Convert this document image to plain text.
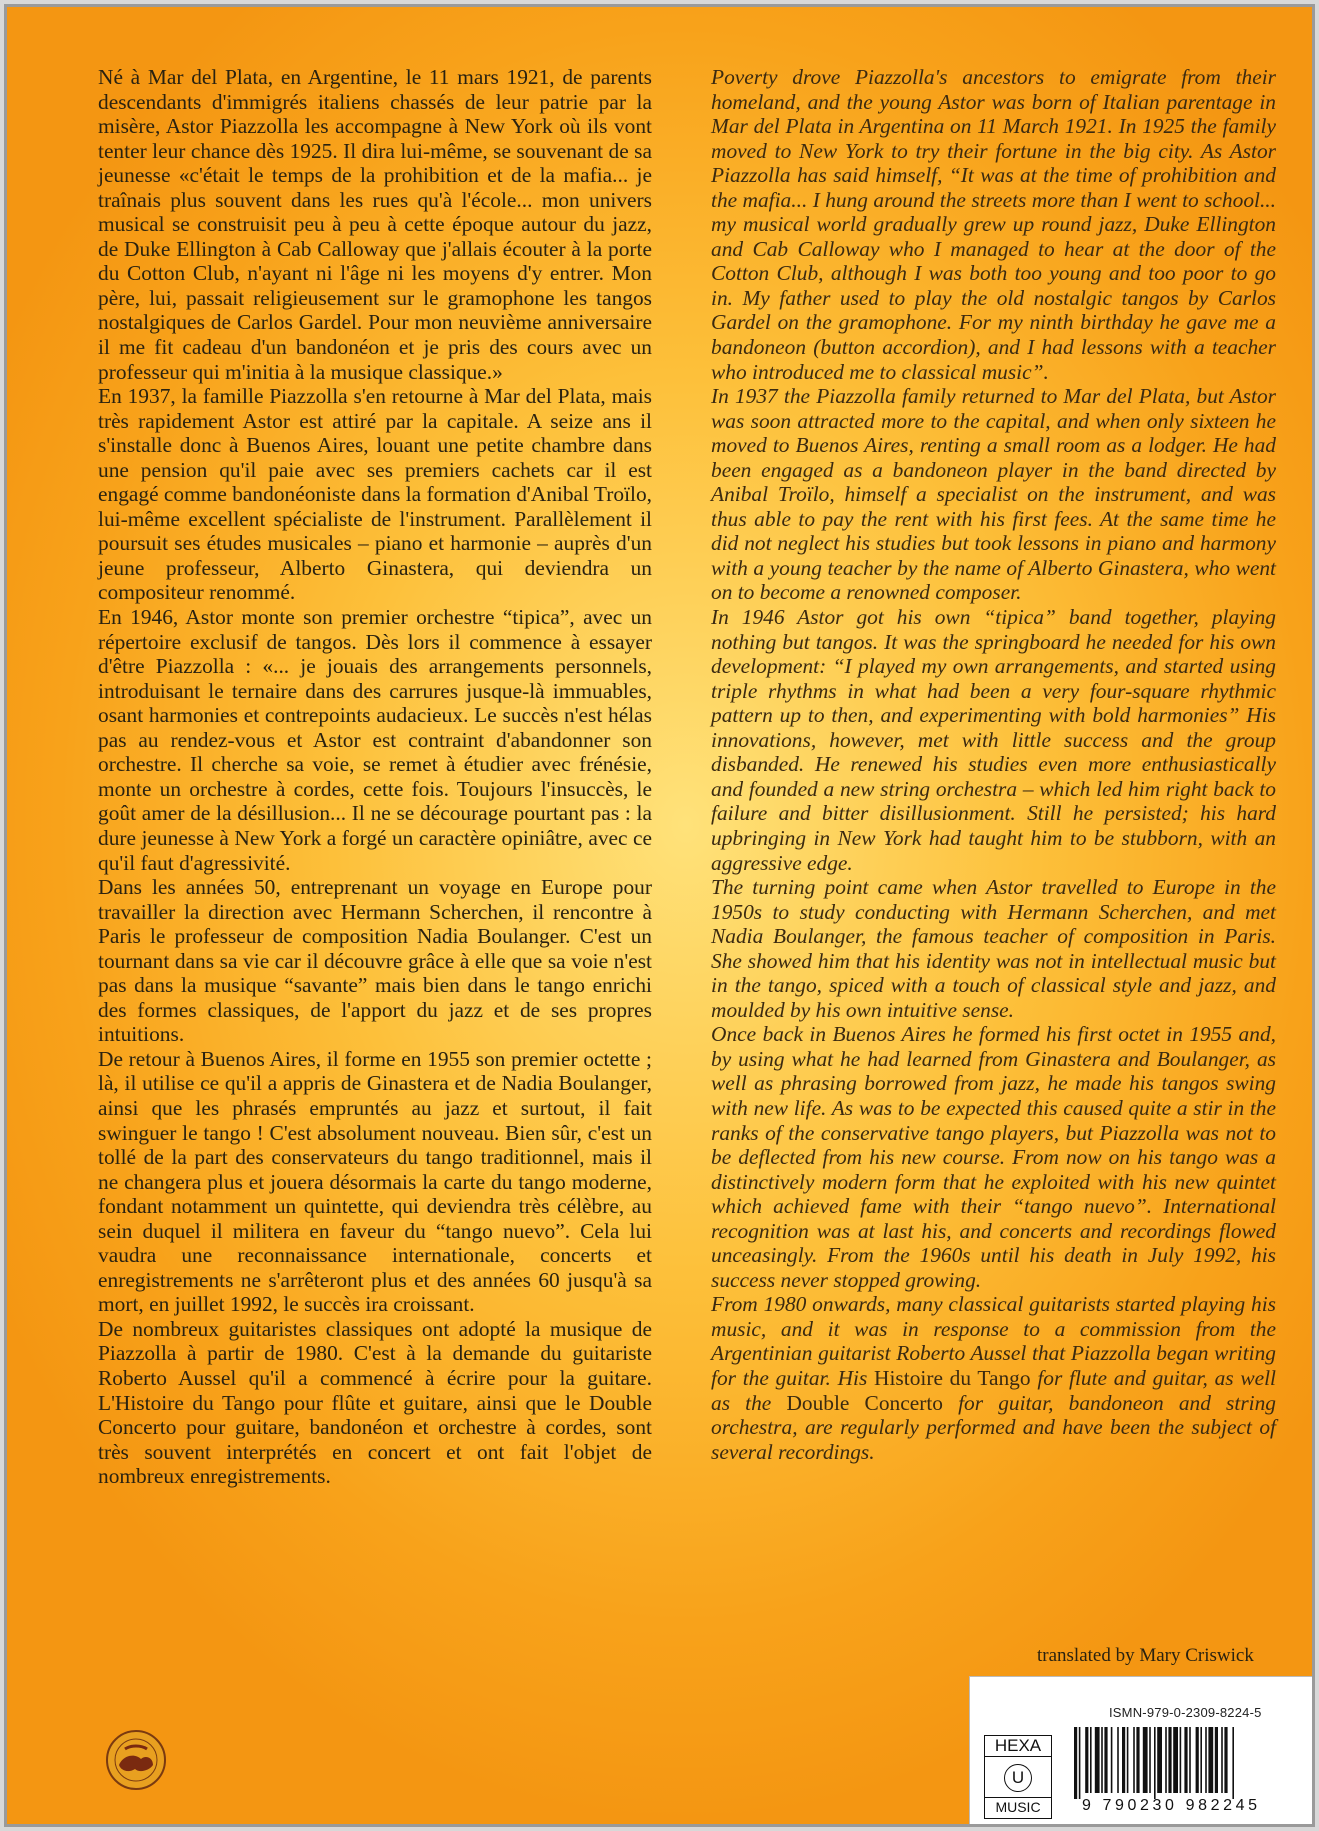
Né à Mar del Plata, en Argentine, le 11 mars 1921, de parents descendants d'immigrés italiens chassés de leur patrie par la misère, Astor Piazzolla les accompagne à New York où ils vont tenter leur chance dès 1925. Il dira lui-même, se souvenant de sa jeunesse «c'était le temps de la prohibition et de la mafia... je traînais plus souvent dans les rues qu'à l'école... mon univers musical se construisit peu à peu à cette époque autour du jazz, de Duke Ellington à Cab Calloway que j'allais écouter à la porte du Cotton Club, n'ayant ni l'âge ni les moyens d'y entrer. Mon père, lui, passait religieusement sur le gramophone les tangos nostalgiques de Carlos Gardel. Pour mon neuvième anniversaire il me fit cadeau d'un bandonéon et je pris des cours avec un professeur qui m'initia à la musique classique.»

En 1937, la famille Piazzolla s'en retourne à Mar del Plata, mais très rapidement Astor est attiré par la capitale. A seize ans il s'installe donc à Buenos Aires, louant une petite chambre dans une pension qu'il paie avec ses premiers cachets car il est engagé comme bandonéoniste dans la formation d'Anibal Troïlo, lui-même excellent spécialiste de l'instrument. Parallèlement il poursuit ses études musicales – piano et harmonie – auprès d'un jeune professeur, Alberto Ginastera, qui deviendra un compositeur renommé.

En 1946, Astor monte son premier orchestre “tipica”, avec un répertoire exclusif de tangos. Dès lors il commence à essayer d'être Piazzolla : «... je jouais des arrangements personnels, introduisant le ternaire dans des carrures jusque-là immuables, osant harmonies et contrepoints audacieux. Le succès n'est hélas pas au rendez-vous et Astor est contraint d'abandonner son orchestre. Il cherche sa voie, se remet à étudier avec frénésie, monte un orchestre à cordes, cette fois. Toujours l'insuccès, le goût amer de la désillusion... Il ne se décourage pourtant pas : la dure jeunesse à New York a forgé un caractère opiniâtre, avec ce qu'il faut d'agressivité.

Dans les années 50, entreprenant un voyage en Europe pour travailler la direction avec Hermann Scherchen, il rencontre à Paris le professeur de composition Nadia Boulanger. C'est un tournant dans sa vie car il découvre grâce à elle que sa voie n'est pas dans la musique “savante” mais bien dans le tango enrichi des formes classiques, de l'apport du jazz et de ses propres intuitions.

De retour à Buenos Aires, il forme en 1955 son premier octette ; là, il utilise ce qu'il a appris de Ginastera et de Nadia Boulanger, ainsi que les phrasés empruntés au jazz et surtout, il fait swinguer le tango ! C'est absolument nouveau. Bien sûr, c'est un tollé de la part des conservateurs du tango traditionnel, mais il ne changera plus et jouera désormais la carte du tango moderne, fondant notamment un quintette, qui deviendra très célèbre, au sein duquel il militera en faveur du “tango nuevo”. Cela lui vaudra une reconnaissance internationale, concerts et enregistrements ne s'arrêteront plus et des années 60 jusqu'à sa mort, en juillet 1992, le succès ira croissant.

De nombreux guitaristes classiques ont adopté la musique de Piazzolla à partir de 1980. C'est à la demande du guitariste Roberto Aussel qu'il a commencé à écrire pour la guitare. L'Histoire du Tango pour flûte et guitare, ainsi que le Double Concerto pour guitare, bandonéon et orchestre à cordes, sont très souvent interprétés en concert et ont fait l'objet de nombreux enregistrements.

Poverty drove Piazzolla's ancestors to emigrate from their homeland, and the young Astor was born of Italian parentage in Mar del Plata in Argentina on 11 March 1921. In 1925 the family moved to New York to try their fortune in the big city. As Astor Piazzolla has said himself, “It was at the time of prohibition and the mafia... I hung around the streets more than I went to school... my musical world gradually grew up round jazz, Duke Ellington and Cab Calloway who I managed to hear at the door of the Cotton Club, although I was both too young and too poor to go in. My father used to play the old nostalgic tangos by Carlos Gardel on the gramophone. For my ninth birthday he gave me a bandoneon (button accordion), and I had lessons with a teacher who introduced me to classical music”.

In 1937 the Piazzolla family returned to Mar del Plata, but Astor was soon attracted more to the capital, and when only sixteen he moved to Buenos Aires, renting a small room as a lodger. He had been engaged as a bandoneon player in the band directed by Anibal Troïlo, himself a specialist on the instrument, and was thus able to pay the rent with his first fees. At the same time he did not neglect his studies but took lessons in piano and harmony with a young teacher by the name of Alberto Ginastera, who went on to become a renowned composer.

In 1946 Astor got his own “tipica” band together, playing nothing but tangos. It was the springboard he needed for his own development: “I played my own arrangements, and started using triple rhythms in what had been a very four-square rhythmic pattern up to then, and experimenting with bold harmonies” His innovations, however, met with little success and the group disbanded. He renewed his studies even more enthusiastically and founded a new string orchestra – which led him right back to failure and bitter disillusionment. Still he persisted; his hard upbringing in New York had taught him to be stubborn, with an aggressive edge.

The turning point came when Astor travelled to Europe in the 1950s to study conducting with Hermann Scherchen, and met Nadia Boulanger, the famous teacher of composition in Paris. She showed him that his identity was not in intellectual music but in the tango, spiced with a touch of classical style and jazz, and moulded by his own intuitive sense.

Once back in Buenos Aires he formed his first octet in 1955 and, by using what he had learned from Ginastera and Boulanger, as well as phrasing borrowed from jazz, he made his tangos swing with new life. As was to be expected this caused quite a stir in the ranks of the conservative tango players, but Piazzolla was not to be deflected from his new course. From now on his tango was a distinctively modern form that he exploited with his new quintet which achieved fame with their “tango nuevo”. International recognition was at last his, and concerts and recordings flowed unceasingly. From the 1960s until his death in July 1992, his success never stopped growing.

From 1980 onwards, many classical guitarists started playing his music, and it was in response to a commission from the Argentinian guitarist Roberto Aussel that Piazzolla began writing for the guitar. His Histoire du Tango for flute and guitar, as well as the Double Concerto for guitar, bandoneon and string orchestra, are regularly performed and have been the subject of several recordings.

translated by Mary Criswick
ISMN-979-0-2309-8224-5
HEXA
U
MUSIC	9 790230 982245
